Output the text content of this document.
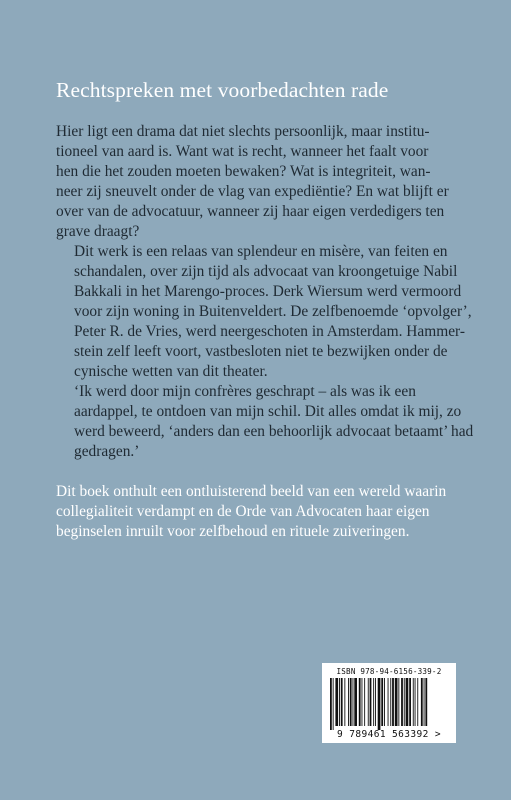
Rechtspreken met voorbedachten rade

Hier ligt een drama dat niet slechts persoonlijk, maar institu-
tioneel van aard is. Want wat is recht, wanneer het faalt voor
hen die het zouden moeten bewaken? Wat is integriteit, wan-
neer zij sneuvelt onder de vlag van expediëntie? En wat blijft er
over van de advocatuur, wanneer zij haar eigen verdedigers ten
grave draagt?

Dit werk is een relaas van splendeur en misère, van feiten en
schandalen, over zijn tijd als advocaat van kroongetuige Nabil
Bakkali in het Marengo-proces. Derk Wiersum werd vermoord
voor zijn woning in Buitenveldert. De zelfbenoemde ‘opvolger’,
Peter R. de Vries, werd neergeschoten in Amsterdam. Hammer-
stein zelf leeft voort, vastbesloten niet te bezwijken onder de
cynische wetten van dit theater.

‘Ik werd door mijn confrères geschrapt – als was ik een
aardappel, te ontdoen van mijn schil. Dit alles omdat ik mij, zo
werd beweerd, ‘anders dan een behoorlijk advocaat betaamt’ had
gedragen.’

Dit boek onthult een ontluisterend beeld van een wereld waarin
collegialiteit verdampt en de Orde van Advocaten haar eigen
beginselen inruilt voor zelfbehoud en rituele zuiveringen.
ISBN 978-94-6156-339-2
9 789461 563392 >
